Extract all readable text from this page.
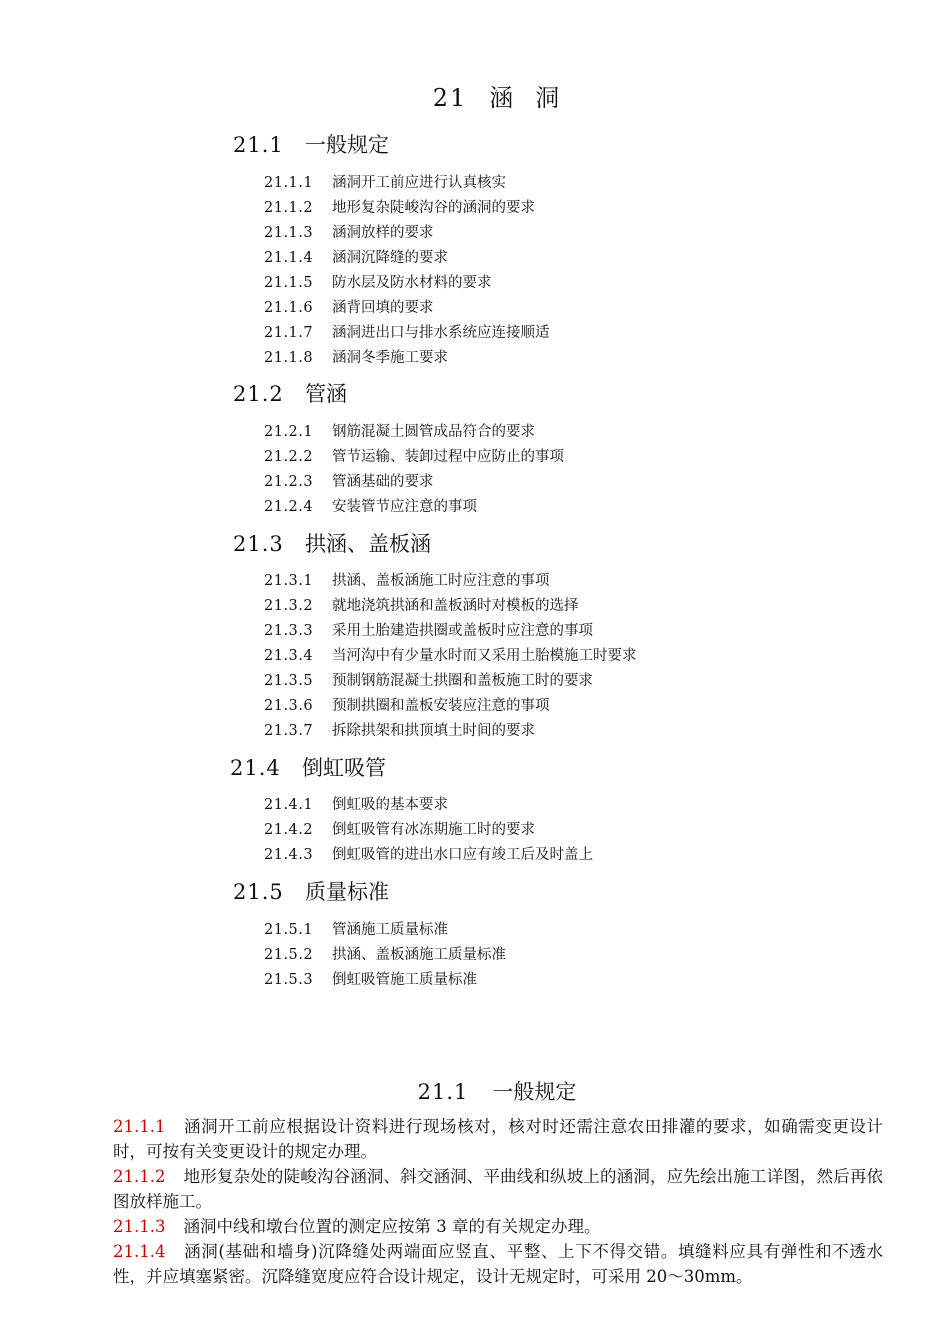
21 涵 洞
21.1 一般规定
21.1.1 涵洞开工前应进行认真核实
21.1.2 地形复杂陡峻沟谷的涵洞的要求
21.1.3 涵洞放样的要求
21.1.4 涵洞沉降缝的要求
21.1.5 防水层及防水材料的要求
21.1.6 涵背回填的要求
21.1.7 涵洞进出口与排水系统应连接顺适
21.1.8 涵洞冬季施工要求
21.2 管涵
21.2.1 钢筋混凝土圆管成品符合的要求
21.2.2 管节运输、装卸过程中应防止的事项
21.2.3 管涵基础的要求
21.2.4 安装管节应注意的事项
21.3 拱涵、盖板涵
21.3.1 拱涵、盖板涵施工时应注意的事项
21.3.2 就地浇筑拱涵和盖板涵时对模板的选择
21.3.3 采用土胎建造拱圈或盖板时应注意的事项
21.3.4 当河沟中有少量水时而又采用土胎模施工时要求
21.3.5 预制钢筋混凝土拱圈和盖板施工时的要求
21.3.6 预制拱圈和盖板安装应注意的事项
21.3.7 拆除拱架和拱顶填土时间的要求
21.4 倒虹吸管
21.4.1 倒虹吸的基本要求
21.4.2 倒虹吸管有冰冻期施工时的要求
21.4.3 倒虹吸管的进出水口应有竣工后及时盖上
21.5 质量标准
21.5.1 管涵施工质量标准
21.5.2 拱涵、盖板涵施工质量标准
21.5.3 倒虹吸管施工质量标准
21.1 一般规定
21.1.1 涵洞开工前应根据设计资料进行现场核对，核对时还需注意农田排灌的要求，如确需变更设计时，可按有关变更设计的规定办理。
21.1.2 地形复杂处的陡峻沟谷涵洞、斜交涵洞、平曲线和纵坡上的涵洞，应先绘出施工详图，然后再依图放样施工。
21.1.3 涵洞中线和墩台位置的测定应按第 3 章的有关规定办理。
21.1.4 涵洞(基础和墙身)沉降缝处两端面应竖直、平整、上下不得交错。填缝料应具有弹性和不透水性，并应填塞紧密。沉降缝宽度应符合设计规定，设计无规定时，可采用 20～30mm。
